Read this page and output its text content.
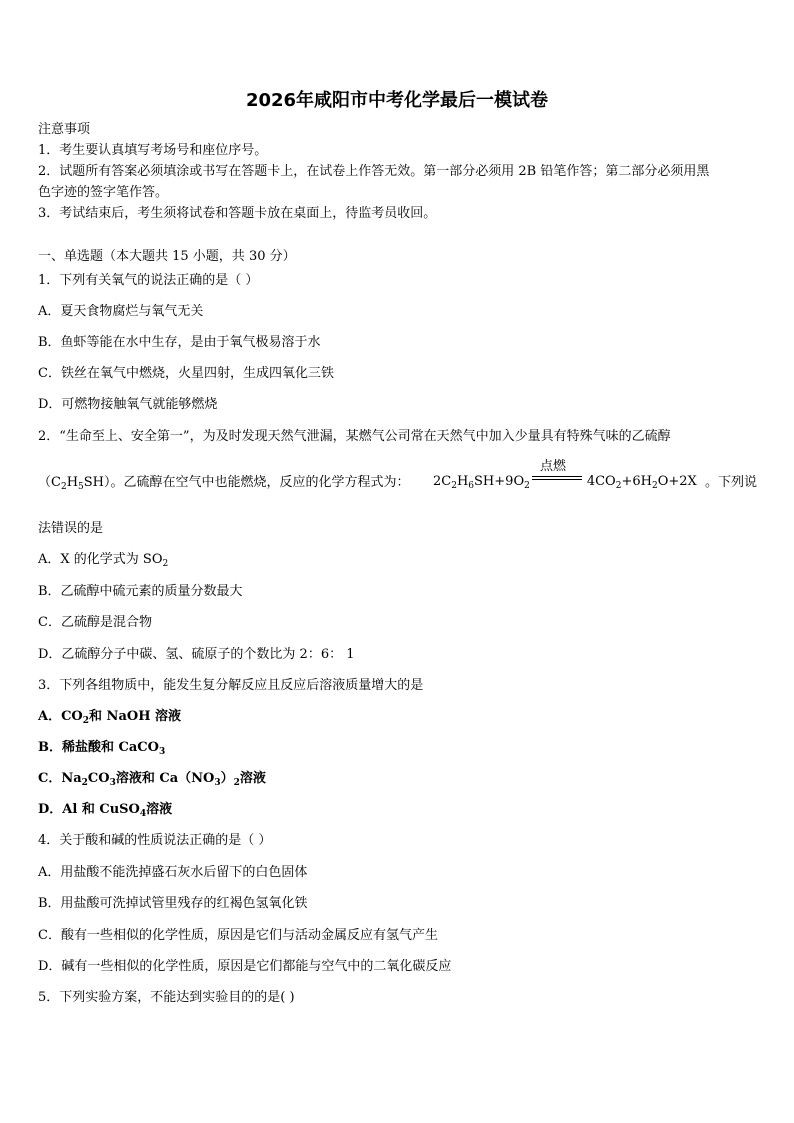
2026年咸阳市中考化学最后一模试卷
注意事项
1．考生要认真填写考场号和座位序号。
2．试题所有答案必须填涂或书写在答题卡上，在试卷上作答无效。第一部分必须用 2B 铅笔作答；第二部分必须用黑
色字迹的签字笔作答。
3．考试结束后，考生须将试卷和答题卡放在桌面上，待监考员收回。
一、单选题（本大题共 15 小题，共 30 分）
1．下列有关氧气的说法正确的是（ ）
A．夏天食物腐烂与氧气无关
B．鱼虾等能在水中生存，是由于氧气极易溶于水
C．铁丝在氧气中燃烧，火星四射，生成四氧化三铁
D．可燃物接触氧气就能够燃烧
2．“生命至上、安全第一”，为及时发现天然气泄漏，某燃气公司常在天然气中加入少量具有特殊气味的乙硫醇
$(C_2H_5SH)$。乙硫醇在空气中也能燃烧，反应的化学方程式为： $2C_2H_6SH+9O_2$	$4CO_2+6H_2O+2X$
点燃
。下列说
法错误的是
A．X 的化学式为 $SO_2$
B．乙硫醇中硫元素的质量分数最大
C．乙硫醇是混合物
D．乙硫醇分子中碳、氢、硫原子的个数比为 2：6： 1
3．下列各组物质中，能发生复分解反应且反应后溶液质量增大的是
A．$CO_2$和 NaOH 溶液
B．稀盐酸和 CaCO$_3$
C．$Na_2CO_3$溶液和 $Ca(NO_3)_2$溶液
D．Al 和 CuSO$_4$溶液
4．关于酸和碱的性质说法正确的是（ ）
A．用盐酸不能洗掉盛石灰水后留下的白色固体
B．用盐酸可洗掉试管里残存的红褐色氢氧化铁
C．酸有一些相似的化学性质，原因是它们与活动金属反应有氢气产生
D．碱有一些相似的化学性质，原因是它们都能与空气中的二氧化碳反应
5．下列实验方案，不能达到实验目的的是( )
